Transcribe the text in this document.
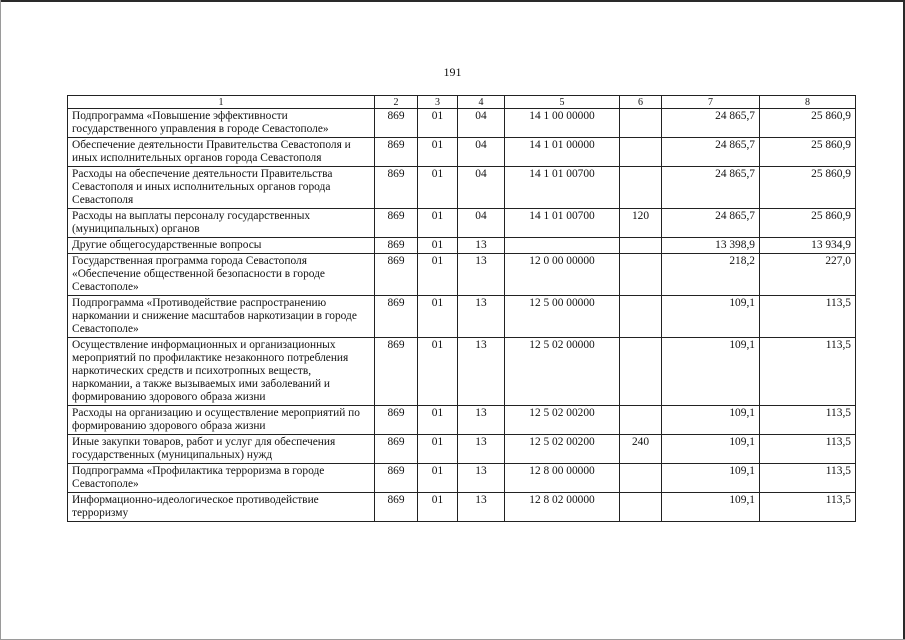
191
1	2	3	4	5	6	7	8
Подпрограмма «Повышение эффективности государственного управления в городе Севастополе»	869	01	04	14 1 00 00000		24 865,7	25 860,9
Обеспечение деятельности Правительства Севастополя и иных исполнительных органов города Севастополя	869	01	04	14 1 01 00000		24 865,7	25 860,9
Расходы на обеспечение деятельности Правительства Севастополя и иных исполнительных органов города Севастополя	869	01	04	14 1 01 00700		24 865,7	25 860,9
Расходы на выплаты персоналу государственных (муниципальных) органов	869	01	04	14 1 01 00700	120	24 865,7	25 860,9
Другие общегосударственные вопросы	869	01	13			13 398,9	13 934,9
Государственная программа города Севастополя «Обеспечение общественной безопасности в городе Севастополе»	869	01	13	12 0 00 00000		218,2	227,0
Подпрограмма «Противодействие распространению наркомании и снижение масштабов наркотизации в городе Севастополе»	869	01	13	12 5 00 00000		109,1	113,5
Осуществление информационных и организационных мероприятий по профилактике незаконного потребления наркотических средств и психотропных веществ, наркомании, а также вызываемых ими заболеваний и формированию здорового образа жизни	869	01	13	12 5 02 00000		109,1	113,5
Расходы на организацию и осуществление мероприятий по формированию здорового образа жизни	869	01	13	12 5 02 00200		109,1	113,5
Иные закупки товаров, работ и услуг для обеспечения государственных (муниципальных) нужд	869	01	13	12 5 02 00200	240	109,1	113,5
Подпрограмма «Профилактика терроризма в городе Севастополе»	869	01	13	12 8 00 00000		109,1	113,5
Информационно-идеологическое противодействие терроризму	869	01	13	12 8 02 00000		109,1	113,5
